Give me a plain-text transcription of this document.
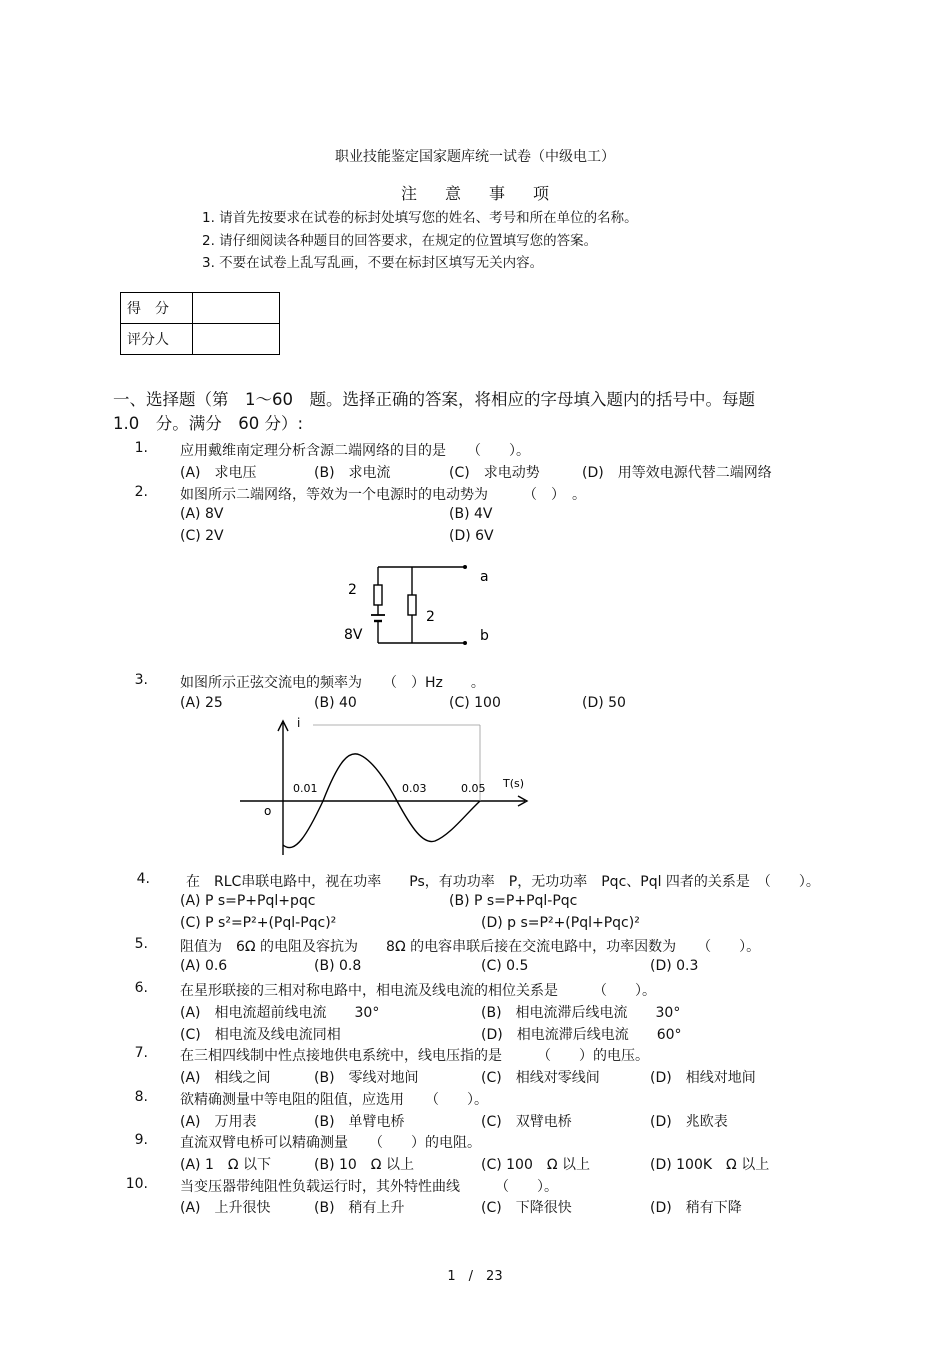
职业技能鉴定国家题库统一试卷（中级电工）
注意事项
1. 请首先按要求在试卷的标封处填写您的姓名、考号和所在单位的名称。
2. 请仔细阅读各种题目的回答要求，在规定的位置填写您的答案。
3. 不要在试卷上乱写乱画，不要在标封区填写无关内容。
得　分	
评分人	
一、选择题（第　1～60　题。选择正确的答案，将相应的字母填入题内的括号中。每题
1.0　分。满分　60 分）:
1. 应用戴维南定理分析含源二端网络的目的是　　（　　）。
(A)　求电压	(B)　求电流	(C)　求电动势	(D)　用等效电源代替二端网络
2. 如图所示二端网络，等效为一个电源时的电动势为　　　（　）　。
(A) 8V	(B) 4V
(C) 2V	(D) 6V
2
2
8V
a
b
3. 如图所示正弦交流电的频率为　　（　）Hz　　。
(A) 25	(B) 40	(C) 100	(D) 50
i
T(s)
o
0.01	0.03	0.05
4.	在　RLC串联电路中，视在功率　　Ps，有功功率　P，无功功率　Pqc、Pql 四者的关系是　（　　）。
(A) P s=P+Pql+pqc	(B) P s=P+Pql-Pqc
(C) P s²=P²+(Pql-Pqc)²	(D) p s=P²+(Pql+Pqc)²
5. 阻值为　6Ω 的电阻及容抗为　　8Ω 的电容串联后接在交流电路中，功率因数为　　（　　）。
(A) 0.6	(B) 0.8	(C) 0.5	(D) 0.3
6. 在星形联接的三相对称电路中，相电流及线电流的相位关系是　　　（　　）。
(A)　相电流超前线电流　　30°	(B)　相电流滞后线电流　　30°
(C)　相电流及线电流同相	(D)　相电流滞后线电流　　60°
7. 在三相四线制中性点接地供电系统中，线电压指的是　　　（　　）的电压。
(A)　相线之间	(B)　零线对地间	(C)　相线对零线间	(D)　相线对地间
8. 欲精确测量中等电阻的阻值，应选用　　（　　）。
(A)　万用表	(B)　单臂电桥	(C)　双臂电桥	(D)　兆欧表
9. 直流双臂电桥可以精确测量　　（　　）的电阻。
(A) 1　Ω 以下	(B) 10　Ω 以上	(C) 100　Ω 以上	(D) 100K　Ω 以上
10. 当变压器带纯阻性负载运行时，其外特性曲线　　　（　　）。
(A)　上升很快	(B)　稍有上升	(C)　下降很快	(D)　稍有下降
1　/　23
